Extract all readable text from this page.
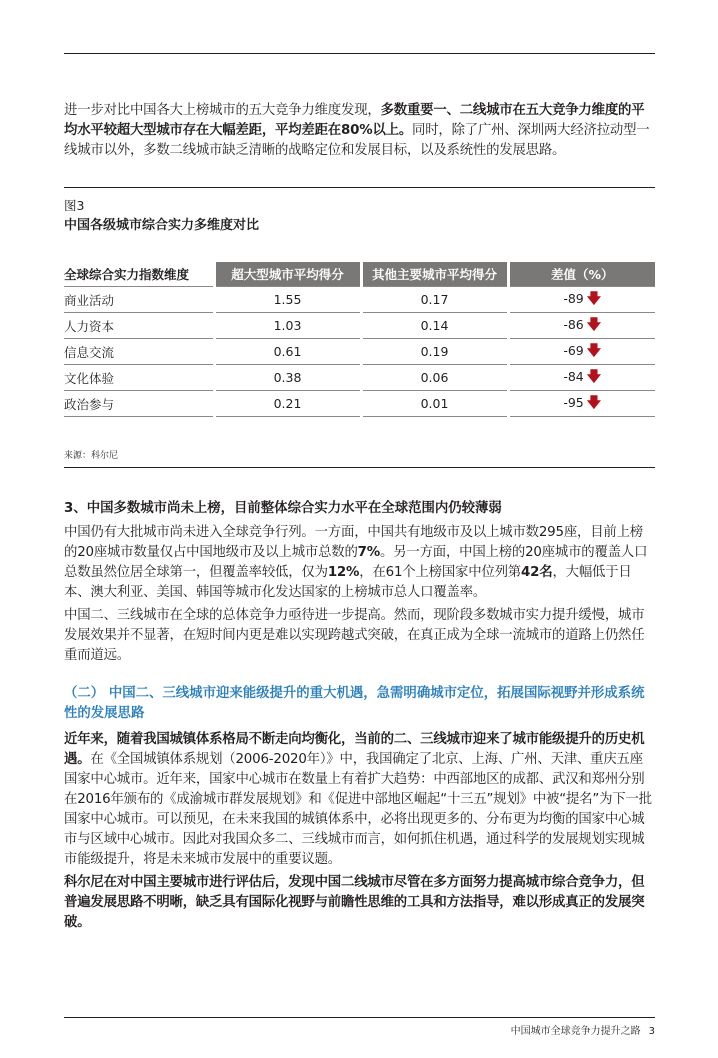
进一步对比中国各大上榜城市的五大竞争力维度发现，多数重要一、二线城市在五大竞争力维度的平均水平较超大型城市存在大幅差距，平均差距在80%以上。同时，除了广州、深圳两大经济拉动型一线城市以外，多数二线城市缺乏清晰的战略定位和发展目标，以及系统性的发展思路。

图3
中国各级城市综合实力多维度对比
全球综合实力指数维度	超大型城市平均得分	其他主要城市平均得分	差值（%）
商业活动	1.55	0.17	-89 🡇
人力资本	1.03	0.14	-86 🡇
信息交流	0.61	0.19	-69 🡇
文化体验	0.38	0.06	-84 🡇
政治参与	0.21	0.01	-95 🡇
来源：科尔尼
3、中国多数城市尚未上榜，目前整体综合实力水平在全球范围内仍较薄弱

中国仍有大批城市尚未进入全球竞争行列。一方面，中国共有地级市及以上城市数295座，目前上榜的20座城市数量仅占中国地级市及以上城市总数的7%。另一方面，中国上榜的20座城市的覆盖人口总数虽然位居全球第一，但覆盖率较低，仅为12%，在61个上榜国家中位列第42名，大幅低于日本、澳大利亚、美国、韩国等城市化发达国家的上榜城市总人口覆盖率。

中国二、三线城市在全球的总体竞争力亟待进一步提高。然而，现阶段多数城市实力提升缓慢，城市发展效果并不显著，在短时间内更是难以实现跨越式突破，在真正成为全球一流城市的道路上仍然任重而道远。

（二） 中国二、三线城市迎来能级提升的重大机遇，急需明确城市定位，拓展国际视野并形成系统性的发展思路

近年来，随着我国城镇体系格局不断走向均衡化，当前的二、三线城市迎来了城市能级提升的历史机遇。在《全国城镇体系规划（2006-2020年）》中，我国确定了北京、上海、广州、天津、重庆五座国家中心城市。近年来，国家中心城市在数量上有着扩大趋势：中西部地区的成都、武汉和郑州分别在2016年颁布的《成渝城市群发展规划》和《促进中部地区崛起“十三五”规划》中被“提名”为下一批国家中心城市。可以预见，在未来我国的城镇体系中，必将出现更多的、分布更为均衡的国家中心城市与区域中心城市。因此对我国众多二、三线城市而言，如何抓住机遇，通过科学的发展规划实现城市能级提升，将是未来城市发展中的重要议题。

科尔尼在对中国主要城市进行评估后，发现中国二线城市尽管在多方面努力提高城市综合竞争力，但普遍发展思路不明晰，缺乏具有国际化视野与前瞻性思维的工具和方法指导，难以形成真正的发展突破。

中国城市全球竞争力提升之路 3
